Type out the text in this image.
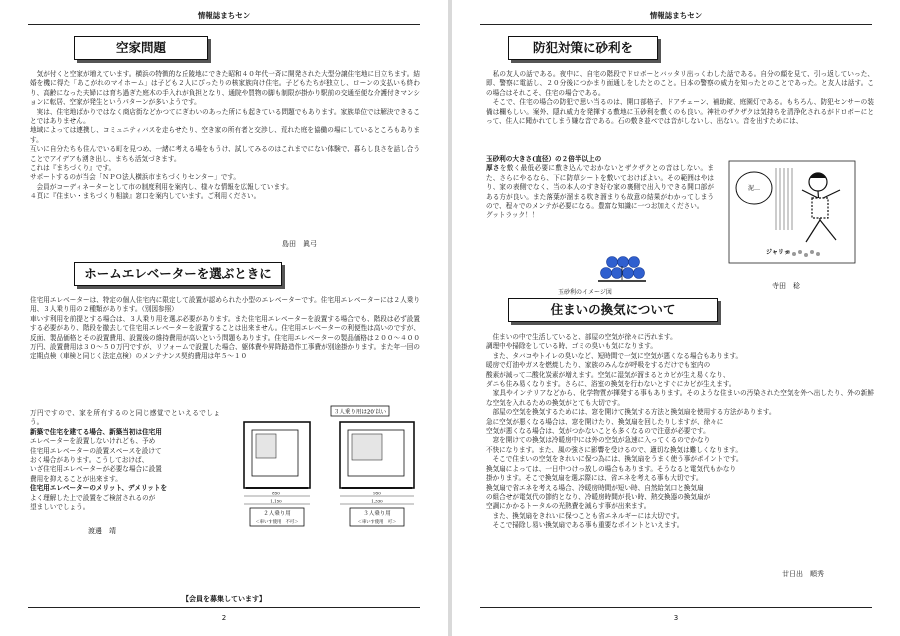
情報誌まちセン
空家問題

　気が付くと空家が増えています。横浜の特徴的な丘陵地にできた昭和４０年代一斉に開発された大型分譲住宅地に目立ちます。結婚を機に得た「あこがれのマイホーム」は子ども２人にぴったりの核家族向け住宅。子どもたちが独立し、ローンの支払いも終わり、高齢になった夫婦には育ち過ぎた庭木の手入れが負担となり、通院や買物の脚も制限が掛かり駅前の交通至便な介護付きマンションに転居、空家が発生というパターンが多いようです。

　実は、住宅地ばかりではなく商店街などかつてにぎわいのあった所にも起きている問題でもあります。家族単位では解決できることではありません。

地域によっては連携し、コミュニティバスを走らせたり、空き家の所有者と交渉し、荒れた庭を協働の場にしているところもあります。

互いに自分たちも住んでいる町を見つめ、一緒に考える場をもうけ、試してみるのはこれまでにない体験で、暮らし良さを話し合うことでアイデアも湧き出し、まちも活気づきます。

これは『まちづくり』です。

サポートするのが当会「ＮＰＯ法人横浜市まちづくりセンター」です。

　会員がコーディネーターとして市の制度利用を案内し、様々な情報を広報しています。

４頁に『住まい・まちづくり相談』窓口を案内しています。ご利用ください。

島田　眞弓
ホームエレベーターを選ぶときに

住宅用エレベーターは、特定の個人住宅内に限定して設置が認められた小型のエレベーターです。住宅用エレベーターには２人乗り用、３人乗り用の２種類があります。（別図参照）

車いす利用を前提とする場合は、３人乗り用を選ぶ必要があります。また住宅用エレベーターを設置する場合でも、階段は必ず設置する必要があり、階段を撤去して住宅用エレベーターを設置することは出来ません。住宅用エレベーターの利便性は高いのですが、反面、製品価格とその設置費用、設置後の維持費用が高いという問題もあります。住宅用エレベーターの製品価格は２００～４００万円、設置費用は３０～５０万円ですが、リフォームで設置した場合、躯体費や昇降路造作工事費が別途掛かります。また年一回の定期点検（車検と同じく法定点検）のメンテナンス契約費用は年５～１０

万円ですので、家を所有するのと同じ感覚でといえるでしょう。

新築で住宅を建てる場合、新築当初は住宅用

エレベーターを設置しないけれども、予め

住宅用エレベーターの設置スペースを設けて

おく場合があります。こうしておけば、

いざ住宅用エレベーターが必要な場合に設置

費用を抑えることが出来ます。

住宅用エレベーターのメリット、デメリットを

よく理解した上で設置をご検討されるのが

望ましいでしょう。

渡邊　靖
３人乗り用は20′以い
850
1,150
950
1,330
２人乗り用
＜車いす使用　不可＞
３人乗り用
＜車いす使用　可＞
【会員を募集しています】
2
情報誌まちセン
防犯対策に砂利を

　私の友人の話である。夜中に、自宅の階段でドロボーとバッタリ出っくわした話である。自分の顔を見て、引っ返していった、即、警察に電話し、２０分後につかまり面通しをしたとのこと。日本の警察の威力を知ったとのことであった。と友人は話す。この場合はそれこそ、住宅の場合である。

　そこで、住宅の場合の防犯で思い当るのは、開口部格子、ドアチェーン、補助錠、庭園灯である。もちろん、防犯センサーの装備は欄もしい。案外、隠れ威力を発揮する敷地に玉砂利を敷くのも良い。神社のザクザクは気持ちを清浄化されるがドロボーにとって、住人に聞かれてしまう嫌な音である。石の敷き並べでは音がしないし、出ない。音を出すためには、

玉砂利の大きさ(直径）の２倍半以上の

厚さを敷く最低必要に敷き込んでおかないとザクザクとの音はしない。また、さらにやるなら、下に防草シートを敷いておけばよい。その範囲はやはり、家の表側でなく、当の本人のすき好む家の裏側で出入りできる開口部がある方が良い。また落葉が溜まる吹き溜まりも故意の結果がわかってしまうので、程々でのメンテが必要になる。豊富な知識に一つお加えください。

グットラック！！

泥…
ジャリッ
玉砂利のイメージ図
寺田　稔
住まいの換気について

　住まいの中で生活していると、部屋の空気が徐々に汚れます。

調理中や掃除をしている時、ゴミの臭いも気になります。

　また、タバコやトイレの臭いなど、短時間で一気に空気が悪くなる場合もあります。

暖房で灯油やガスを燃焼したり、家族のみんなが呼吸をするだけでも室内の

酸素が減って二酸化炭素が増えます。空気に湿気が溜まるとカビが生え易くなり、

ダニも住み易くなります。さらに、浴室の換気を行わないとすぐにカビが生えます。

　家具やインテリアなどから、化学物質が揮発する事もあります。そのような住まいの汚染された空気を外へ出したり、外の新鮮な空気を入れるための換気がとても大切です。

　部屋の空気を換気するためには、窓を開けて換気する方法と換気扇を使用する方法があります。

急に空気が悪くなる場合は、窓を開けたり、換気扇を回したりしますが、徐々に

空気が悪くなる場合は、気がつかないことも多くなるので注意が必要です。

　窓を開けての換気は冷暖房中には外の空気が急速に入ってくるのでかなり

不快になります。また、風の強さに影響を受けるので、適切な換気は難しくなります。

　そこで住まいの空気をきれいに保つ為には、換気扇をうまく使う事がポイントです。

換気扇によっては、一日中つけっ放しの場合もあります。そうなると電気代もかなり

掛かります。そこで換気扇を選ぶ際には、省エネを考える事も大切です。

換気扇で省エネを考える場合、冷暖房時間が短い時、自然給気口と換気扇

の組合せが電気代の節約となり、冷暖房時間が長い時、熱交換器の換気扇が

空調にかかるトータルの光熱費を減らす事が出来ます。

　また、換気扇をきれいに保つことも省エネルギーには大切です。

　そこで掃除し易い換気扇である事も重要なポイントといえます。

廿日出　順秀
3
